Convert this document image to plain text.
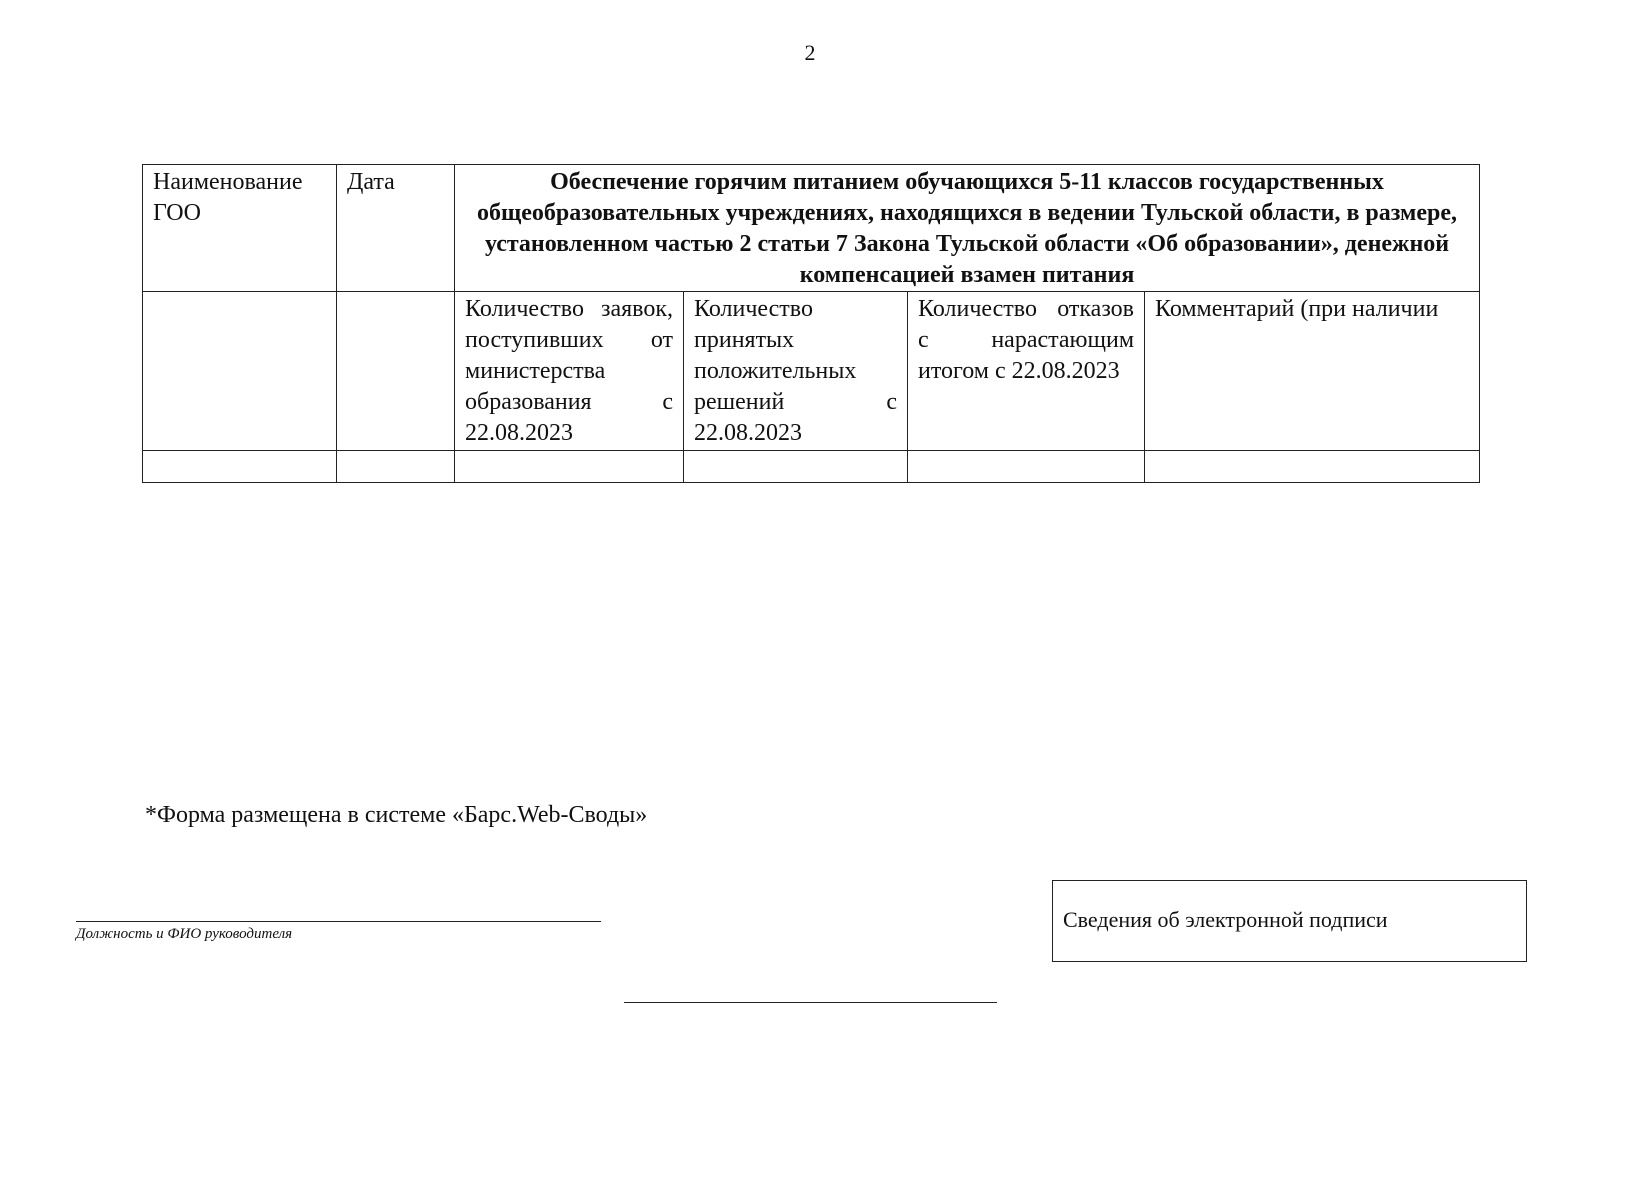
2
Наименование ГОО	Дата	Обеспечение горячим питанием обучающихся 5-11 классов государственных общеобразовательных учреждениях, находящихся в ведении Тульской области, в размере, установленном частью 2 статьи 7 Закона Тульской области «Об образовании», денежной компенсацией взамен питания			
		Количество заявок, поступивших от министерства образования с 22.08.2023	Количество принятых положительных решений с 22.08.2023	Количество отказов с нарастающим итогом с 22.08.2023	Комментарий (при наличии

*Форма размещена в системе «Барс.Web-Своды»
Должность и ФИО руководителя
Сведения об электронной подписи
